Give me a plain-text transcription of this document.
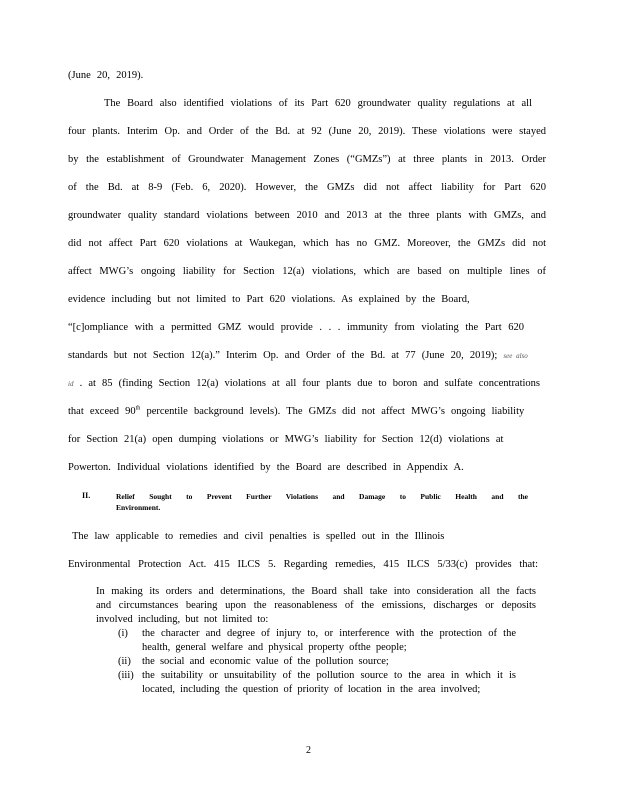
(June 20, 2019).
The Board also identified violations of its Part 620 groundwater quality regulations at all
four plants. Interim Op. and Order of the Bd. at 92 (June 20, 2019). These violations were stayed
by the establishment of Groundwater Management Zones (“GMZs”) at three plants in 2013. Order
of the Bd. at 8-9 (Feb. 6, 2020). However, the GMZs did not affect liability for Part 620
groundwater quality standard violations between 2010 and 2013 at the three plants with GMZs, and
did not affect Part 620 violations at Waukegan, which has no GMZ. Moreover, the GMZs did not
affect MWG’s ongoing liability for Section 12(a) violations, which are based on multiple lines of
evidence including but not limited to Part 620 violations. As explained by the Board,
“[c]ompliance with a permitted GMZ would provide . . . immunity from violating the Part 620
standards but not Section 12(a).” Interim Op. and Order of the Bd. at 77 (June 20, 2019); see also
id . at 85 (finding Section 12(a) violations at all four plants due to boron and sulfate concentrations
that exceed 90th percentile background levels). The GMZs did not affect MWG’s ongoing liability
for Section 21(a) open dumping violations or MWG’s liability for Section 12(d) violations at
Powerton. Individual violations identified by the Board are described in Appendix A.
II.	Relief Sought to Prevent Further Violations and Damage to Public Health and the
Environment.
The law applicable to remedies and civil penalties is spelled out in the Illinois
Environmental Protection Act. 415 ILCS 5. Regarding remedies, 415 ILCS 5/33(c) provides that:
In making its orders and determinations, the Board shall take into consideration all the facts
and circumstances bearing upon the reasonableness of the emissions, discharges or deposits
involved including, but not limited to:
(i) the character and degree of injury to, or interference with the protection of the
health, general welfare and physical property ofthe people;
(ii) the social and economic value of the pollution source;
(iii) the suitability or unsuitability of the pollution source to the area in which it is
located, including the question of priority of location in the area involved;
2
